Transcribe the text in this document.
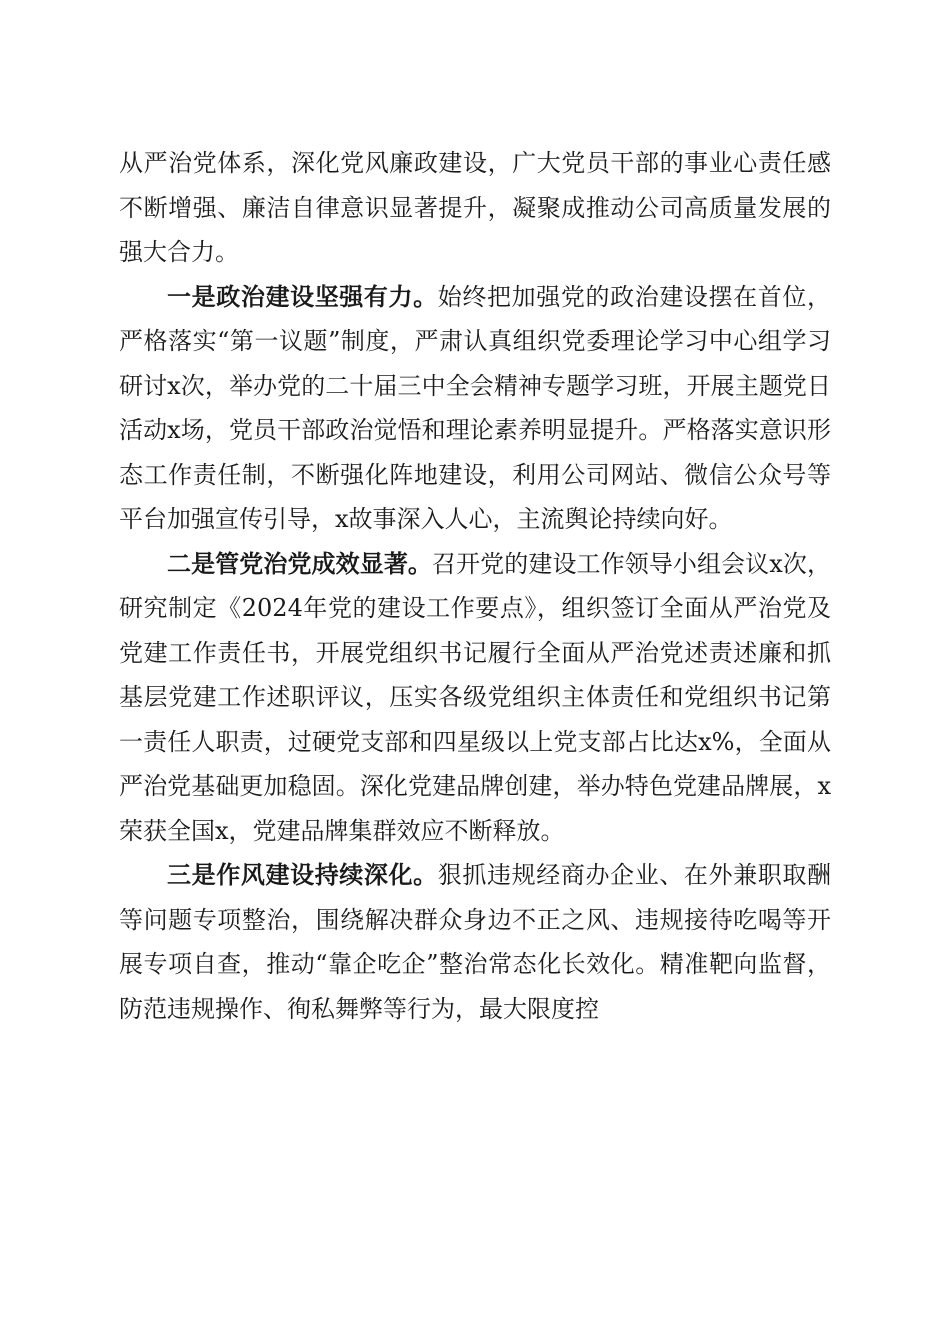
从严治党体系，深化党风廉政建设，广大党员干部的事业心责任感不断增强、廉洁自律意识显著提升，凝聚成推动公司高质量发展的强大合力。

一是政治建设坚强有力。始终把加强党的政治建设摆在首位，严格落实“第一议题”制度，严肃认真组织党委理论学习中心组学习研讨x次，举办党的二十届三中全会精神专题学习班，开展主题党日活动x场，党员干部政治觉悟和理论素养明显提升。严格落实意识形态工作责任制，不断强化阵地建设，利用公司网站、微信公众号等平台加强宣传引导，x故事深入人心，主流舆论持续向好。

二是管党治党成效显著。召开党的建设工作领导小组会议x次，研究制定《2024年党的建设工作要点》，组织签订全面从严治党及党建工作责任书，开展党组织书记履行全面从严治党述责述廉和抓基层党建工作述职评议，压实各级党组织主体责任和党组织书记第一责任人职责，过硬党支部和四星级以上党支部占比达x%，全面从严治党基础更加稳固。深化党建品牌创建，举办特色党建品牌展，x荣获全国x，党建品牌集群效应不断释放。

三是作风建设持续深化。狠抓违规经商办企业、在外兼职取酬等问题专项整治，围绕解决群众身边不正之风、违规接待吃喝等开展专项自查，推动“靠企吃企”整治常态化长效化。精准靶向监督，防范违规操作、徇私舞弊等行为，最大限度控
